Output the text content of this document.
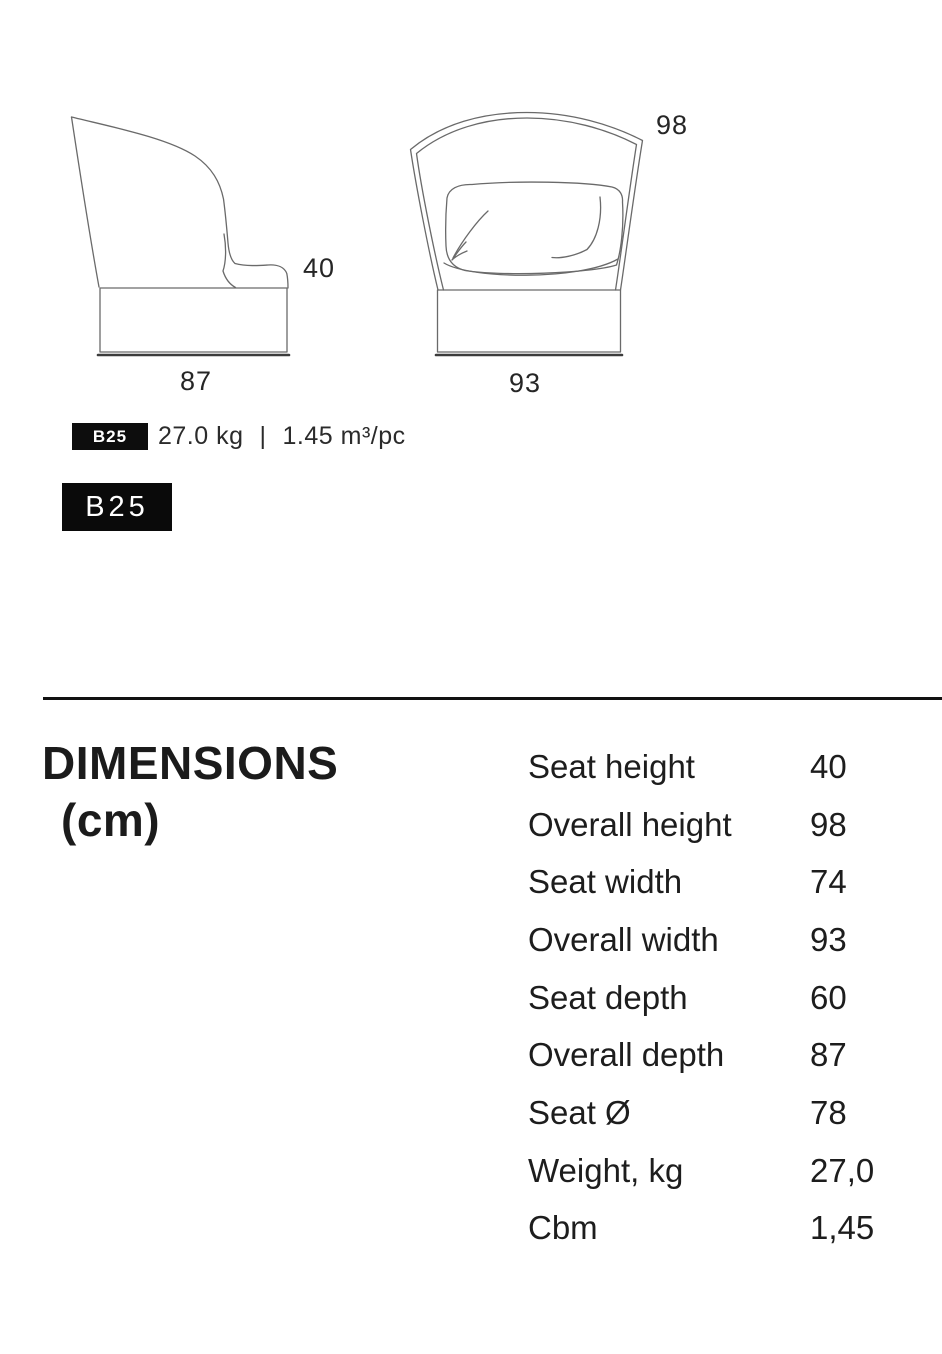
40
87
98
93
B25 27.0 kg | 1.45 m³/pc
B25
DIMENSIONS
(cm)
Seat height	40
Overall height	98
Seat width	74
Overall width	93
Seat depth	60
Overall depth	87
Seat Ø	78
Weight, kg	27,0
Cbm	1,45
